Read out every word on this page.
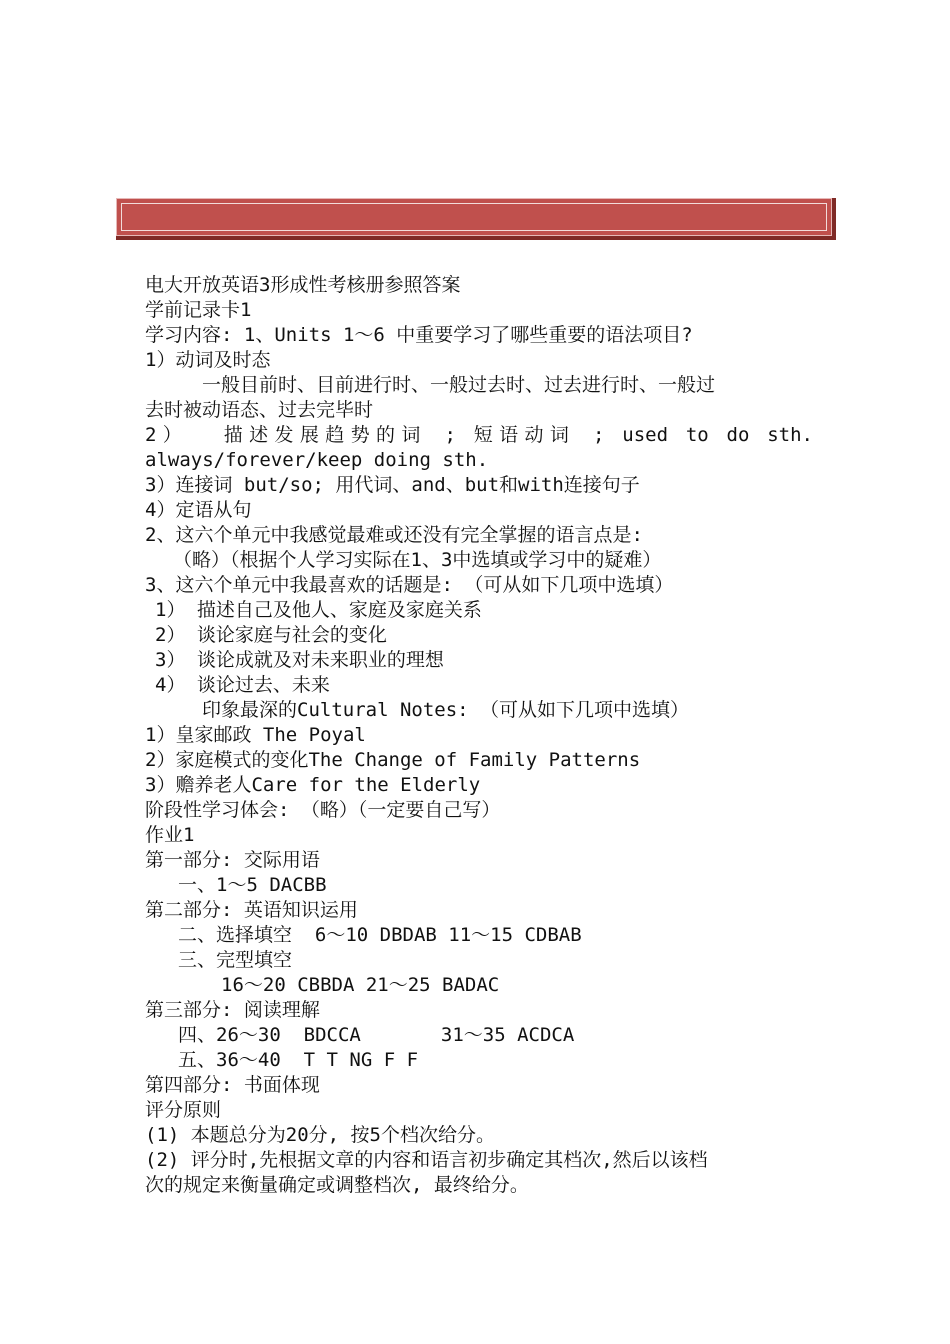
电大开放英语3形成性考核册参照答案
学前记录卡1
学习内容: 1、Units 1～6 中重要学习了哪些重要的语法项目?
1）动词及时态
一般目前时、目前进行时、一般过去时、过去进行时、一般过
去时被动语态、过去完毕时
2）  描述发展趋势的词 ; 短语动词 ; used to do sth.
always/forever/keep doing sth.
3）连接词 but/so; 用代词、and、but和with连接句子
4）定语从句
2、这六个单元中我感觉最难或还没有完全掌握的语言点是:
（略）（根据个人学习实际在1、3中选填或学习中的疑难）
3、这六个单元中我最喜欢的话题是: （可从如下几项中选填）
1） 描述自己及他人、家庭及家庭关系
2） 谈论家庭与社会的变化
3） 谈论成就及对未来职业的理想
4） 谈论过去、未来
印象最深的Cultural Notes: （可从如下几项中选填）
1）皇家邮政 The Poyal
2）家庭模式的变化The Change of Family Patterns
3）赡养老人Care for the Elderly
阶段性学习体会: （略）（一定要自己写）
作业1
第一部分: 交际用语
一、1～5 DACBB
第二部分: 英语知识运用
二、选择填空  6～10 DBDAB 11～15 CDBAB
三、完型填空
16～20 CBBDA 21～25 BADAC
第三部分: 阅读理解
四、26～30  BDCCA       31～35 ACDCA
五、36～40  T T NG F F
第四部分: 书面体现
评分原则
(1) 本题总分为20分, 按5个档次给分。
(2) 评分时,先根据文章的内容和语言初步确定其档次,然后以该档
次的规定来衡量确定或调整档次, 最终给分。
